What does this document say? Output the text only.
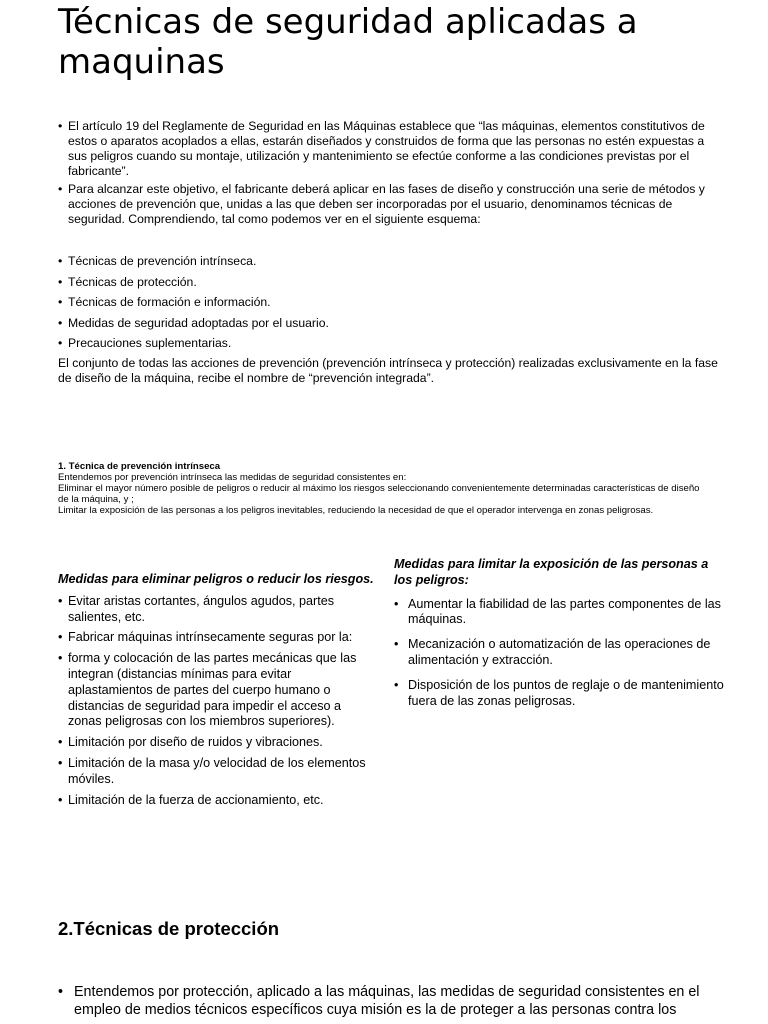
Técnicas de seguridad aplicadas a maquinas
• El artículo 19 del Reglamente de Seguridad en las Máquinas establece que “las máquinas, elementos constitutivos de estos o aparatos acoplados a ellas, estarán diseñados y construidos de forma que las personas no estén expuestas a sus peligros cuando su montaje, utilización y mantenimiento se efectúe conforme a las condiciones previstas por el fabricante”.
• Para alcanzar este objetivo, el fabricante deberá aplicar en las fases de diseño y construcción una serie de métodos y acciones de prevención que, unidas a las que deben ser incorporadas por el usuario, denominamos técnicas de seguridad. Comprendiendo, tal como podemos ver en el siguiente esquema:
• Técnicas de prevención intrínseca.
• Técnicas de protección.
• Técnicas de formación e información.
• Medidas de seguridad adoptadas por el usuario.
• Precauciones suplementarias.

El conjunto de todas las acciones de prevención (prevención intrínseca y protección) realizadas exclusivamente en la fase de diseño de la máquina, recibe el nombre de “prevención integrada”.

1. Técnica de prevención intrínseca

Entendemos por prevención intrínseca las medidas de seguridad consistentes en:

Eliminar el mayor número posible de peligros o reducir al máximo los riesgos seleccionando convenientemente determinadas características de diseño de la máquina, y ;

Limitar la exposición de las personas a los peligros inevitables, reduciendo la necesidad de que el operador intervenga en zonas peligrosas.

Medidas para eliminar peligros o reducir los riesgos.

• Evitar aristas cortantes, ángulos agudos, partes salientes, etc.
• Fabricar máquinas intrínsecamente seguras por la:
• forma y colocación de las partes mecánicas que las integran (distancias mínimas para evitar aplastamientos de partes del cuerpo humano o distancias de seguridad para impedir el acceso a zonas peligrosas con los miembros superiores).
• Limitación por diseño de ruidos y vibraciones.
• Limitación de la masa y/o velocidad de los elementos móviles.
• Limitación de la fuerza de accionamiento, etc.

Medidas para limitar la exposición de las personas a los peligros:

• Aumentar la fiabilidad de las partes componentes de las máquinas.
• Mecanización o automatización de las operaciones de alimentación y extracción.
• Disposición de los puntos de reglaje o de mantenimiento fuera de las zonas peligrosas.
2.Técnicas de protección
• Entendemos por protección, aplicado a las máquinas, las medidas de seguridad consistentes en el empleo de medios técnicos específicos cuya misión es la de proteger a las personas contra los
